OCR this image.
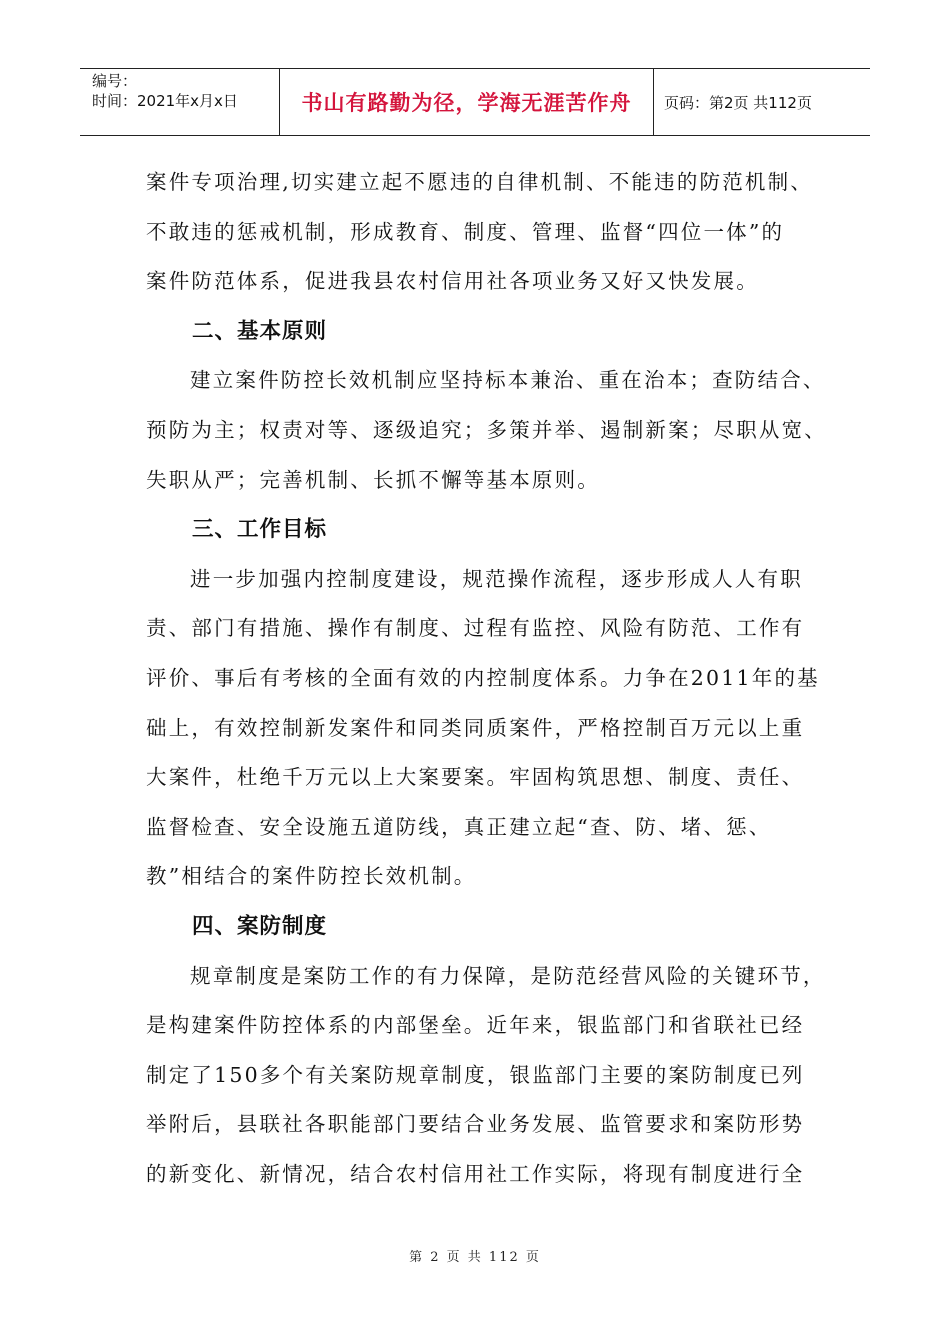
编号：
时间：2021年x月x日	书山有路勤为径，学海无涯苦作舟 页码：第2页 共112页

案件专项治理,切实建立起不愿违的自律机制、不能违的防范机制、

不敢违的惩戒机制，形成教育、制度、管理、监督“四位一体”的

案件防范体系，促进我县农村信用社各项业务又好又快发展。

二、基本原则

建立案件防控长效机制应坚持标本兼治、重在治本；查防结合、

预防为主；权责对等、逐级追究；多策并举、遏制新案；尽职从宽、

失职从严；完善机制、长抓不懈等基本原则。

三、工作目标

进一步加强内控制度建设，规范操作流程，逐步形成人人有职

责、部门有措施、操作有制度、过程有监控、风险有防范、工作有

评价、事后有考核的全面有效的内控制度体系。力争在2011年的基

础上，有效控制新发案件和同类同质案件，严格控制百万元以上重

大案件，杜绝千万元以上大案要案。牢固构筑思想、制度、责任、

监督检查、安全设施五道防线，真正建立起“查、防、堵、惩、

教”相结合的案件防控长效机制。

四、案防制度

规章制度是案防工作的有力保障，是防范经营风险的关键环节，

是构建案件防控体系的内部堡垒。近年来，银监部门和省联社已经

制定了150多个有关案防规章制度，银监部门主要的案防制度已列

举附后，县联社各职能部门要结合业务发展、监管要求和案防形势

的新变化、新情况，结合农村信用社工作实际，将现有制度进行全

第 2 页 共 112 页
